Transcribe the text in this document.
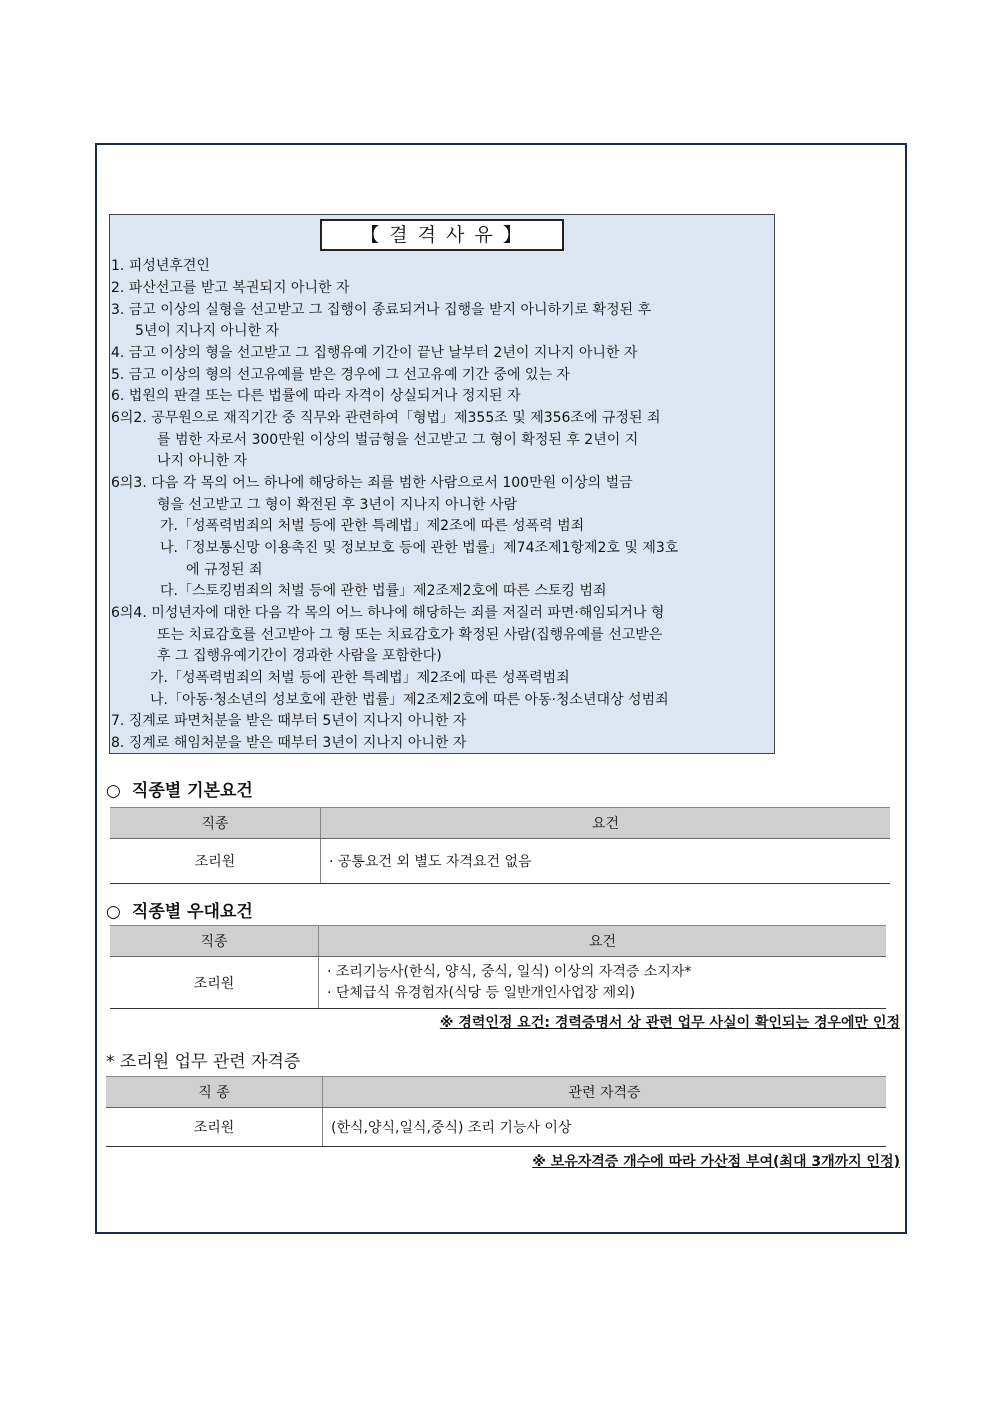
【 결 격 사 유 】
1. 피성년후견인
2. 파산선고를 받고 복권되지 아니한 자
3. 금고 이상의 실형을 선고받고 그 집행이 종료되거나 집행을 받지 아니하기로 확정된 후
5년이 지나지 아니한 자
4. 금고 이상의 형을 선고받고 그 집행유예 기간이 끝난 날부터 2년이 지나지 아니한 자
5. 금고 이상의 형의 선고유예를 받은 경우에 그 선고유예 기간 중에 있는 자
6. 법원의 판결 또는 다른 법률에 따라 자격이 상실되거나 정지된 자
6의2. 공무원으로 재직기간 중 직무와 관련하여「형법」제355조 및 제356조에 규정된 죄
를 범한 자로서 300만원 이상의 벌금형을 선고받고 그 형이 확정된 후 2년이 지
나지 아니한 자
6의3. 다음 각 목의 어느 하나에 해당하는 죄를 범한 사람으로서 100만원 이상의 벌금
형을 선고받고 그 형이 확전된 후 3년이 지나지 아니한 사람
가.「성폭력범죄의 처벌 등에 관한 특례법」제2조에 따른 성폭력 범죄
나.「정보통신망 이용촉진 및 정보보호 등에 관한 법률」제74조제1항제2호 및 제3호
에 규정된 죄
다.「스토킹범죄의 처벌 등에 관한 법률」제2조제2호에 따른 스토킹 범죄
6의4. 미성년자에 대한 다음 각 목의 어느 하나에 해당하는 죄를 저질러 파면·해임되거나 형
또는 치료감호를 선고받아 그 형 또는 치료감호가 확정된 사람(집행유예를 선고받은
후 그 집행유예기간이 경과한 사람을 포함한다)
가.「성폭력범죄의 처벌 등에 관한 특례법」제2조에 따른 성폭력범죄
나.「아동·청소년의 성보호에 관한 법률」제2조제2호에 따른 아동·청소년대상 성범죄
7. 징계로 파면처분을 받은 때부터 5년이 지나지 아니한 자
8. 징계로 해임처분을 받은 때부터 3년이 지나지 아니한 자
○ 직종별 기본요건
직종	요건
조리원	· 공통요건 외 별도 자격요건 없음
○ 직종별 우대요건
직종	요건
조리원	· 조리기능사(한식, 양식, 중식, 일식) 이상의 자격증 소지자*
· 단체급식 유경험자(식당 등 일반개인사업장 제외)
※ 경력인정 요건: 경력증명서 상 관련 업무 사실이 확인되는 경우에만 인정
* 조리원 업무 관련 자격증
직 종	관련 자격증
조리원	(한식,양식,일식,중식) 조리 기능사 이상
※ 보유자격증 개수에 따라 가산점 부여(최대 3개까지 인정)
